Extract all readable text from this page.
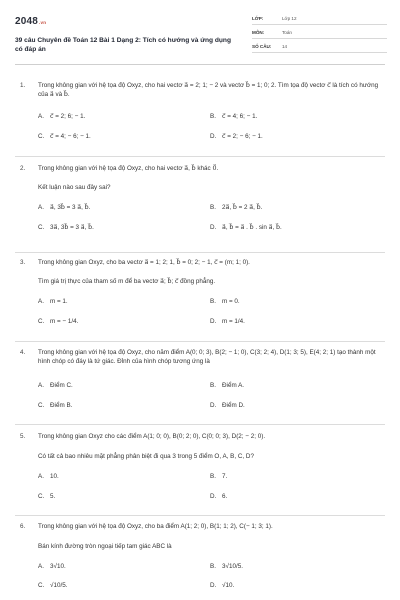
2048.vn
39 câu Chuyên đề Toán 12 Bài 1 Dạng 2: Tích có hướng và ứng dụng có đáp án
LỚP:	Lớp 12
MÔN:	Toán
SỐ CÂU:	14
1.	Trong không gian với hệ tọa độ Oxyz, cho hai vectơ a⃗ = 2; 1; − 2 và vectơ b⃗ = 1; 0; 2. Tìm tọa độ vectơ c⃗ là tích có hướng của a⃗ và b⃗.
A. c⃗ = 2; 6; − 1.	B. c⃗ = 4; 6; − 1.
C. c⃗ = 4; − 6; − 1.	D. c⃗ = 2; − 6; − 1.
2.	Trong không gian với hệ tọa độ Oxyz, cho hai vectơ a⃗, b⃗ khác 0⃗.
Kết luận nào sau đây sai?
A. a⃗, 3b⃗ = 3 a⃗, b⃗.	B. 2a⃗, b⃗ = 2 a⃗, b⃗.
C. 3a⃗, 3b⃗ = 3 a⃗, b⃗.	D. a⃗, b⃗ = a⃗ . b⃗ . sin a⃗, b⃗.
3.	Trong không gian Oxyz, cho ba vectơ a⃗ = 1; 2; 1, b⃗ = 0; 2; − 1, c⃗ = (m; 1; 0).
Tìm giá trị thực của tham số m để ba vectơ a⃗; b⃗; c⃗ đồng phẳng.
A. m = 1.	B. m = 0.
C. m = − 1/4.	D. m = 1/4.
4.	Trong không gian với hệ tọa độ Oxyz, cho năm điểm A(0; 0; 3), B(2; − 1; 0), C(3; 2; 4), D(1; 3; 5), E(4; 2; 1) tạo thành một hình chóp có đáy là tứ giác. Đỉnh của hình chóp tương ứng là
A. Điểm C.	B. Điểm A.
C. Điểm B.	D. Điểm D.
5.	Trong không gian Oxyz cho các điểm A(1; 0; 0), B(0; 2; 0), C(0; 0; 3), D(2; − 2; 0).
Có tất cả bao nhiêu mặt phẳng phân biệt đi qua 3 trong 5 điểm O, A, B, C, D?
A. 10.	B. 7.
C. 5.	D. 6.
6.	Trong không gian với hệ tọa độ Oxyz, cho ba điểm A(1; 2; 0), B(1; 1; 2), C(− 1; 3; 1).
Bán kính đường tròn ngoại tiếp tam giác ABC là
A. 3√10.	B. 3√10/5.
C. √10/5.	D. √10.
